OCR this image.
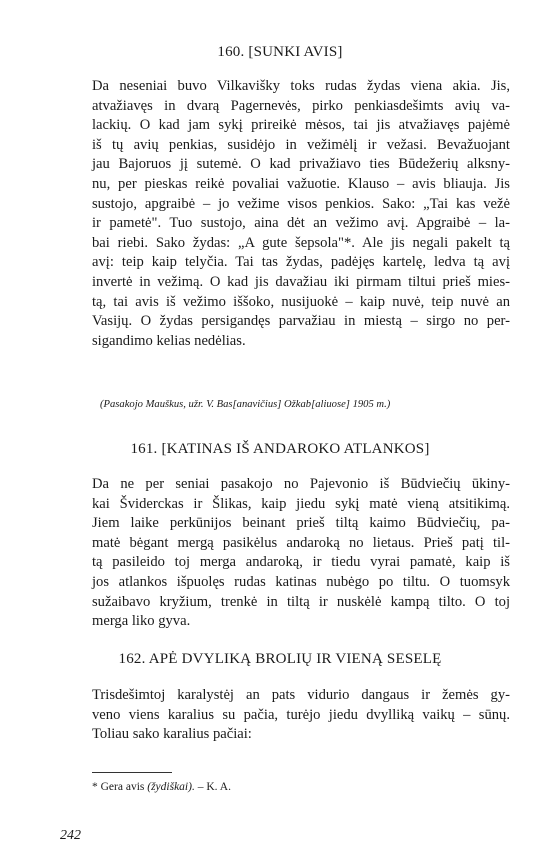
160. [SUNKI AVIS]
Da neseniai buvo Vilkavišky toks rudas žydas viena akia. Jis,
atvažiavęs in dvarą Pagernevės, pirko penkiasdešimts avių va-
lackių. O kad jam sykį prireikė mėsos, tai jis atvažiavęs pajėmė
iš tų avių penkias, susidėjo in vežimėlį ir vežasi. Bevažuojant
jau Bajoruos jį sutemė. O kad privažiavo ties Būdežerių alksny-
nu, per pieskas reikė povaliai važuotie. Klauso – avis bliauja. Jis
sustojo, apgraibė – jo vežime visos penkios. Sako: „Tai kas vežė
ir pametė". Tuo sustojo, aina dėt an vežimo avį. Apgraibė – la-
bai riebi. Sako žydas: „A gute šepsola"*. Ale jis negali pakelt tą
avį: teip kaip telyčia. Tai tas žydas, padėjęs kartelę, ledva tą avį
invertė in vežimą. O kad jis davažiau iki pirmam tiltui prieš mies-
tą, tai avis iš vežimo iššoko, nusijuokė – kaip nuvė, teip nuvė an
Vasijų. O žydas persigandęs parvažiau in miestą – sirgo no per-
sigandimo kelias nedėlias.
(Pasakojo Mauškus, užr. V. Bas[anavičius] Ožkab[aliuose] 1905 m.)
161. [KATINAS IŠ ANDAROKO ATLANKOS]
Da ne per seniai pasakojo no Pajevonio iš Būdviečių ūkiny-
kai Šviderckas ir Šlikas, kaip jiedu sykį matė vieną atsitikimą.
Jiem laike perkūnijos beinant prieš tiltą kaimo Būdviečių, pa-
matė bėgant mergą pasikėlus andaroką no lietaus. Prieš patį til-
tą pasileido toj merga andaroką, ir tiedu vyrai pamatė, kaip iš
jos atlankos išpuolęs rudas katinas nubėgo po tiltu. O tuomsyk
sužaibavo kryžium, trenkė in tiltą ir nuskėlė kampą tilto. O toj
merga liko gyva.
162. APĖ DVYLIKĄ BROLIŲ IR VIENĄ SESELĘ
Trisdešimtoj karalystėj an pats vidurio dangaus ir žemės gy-
veno viens karalius su pačia, turėjo jiedu dvylliką vaikų – sūnų.
Toliau sako karalius pačiai:
* Gera avis (žydiškai). – K. A.
242
